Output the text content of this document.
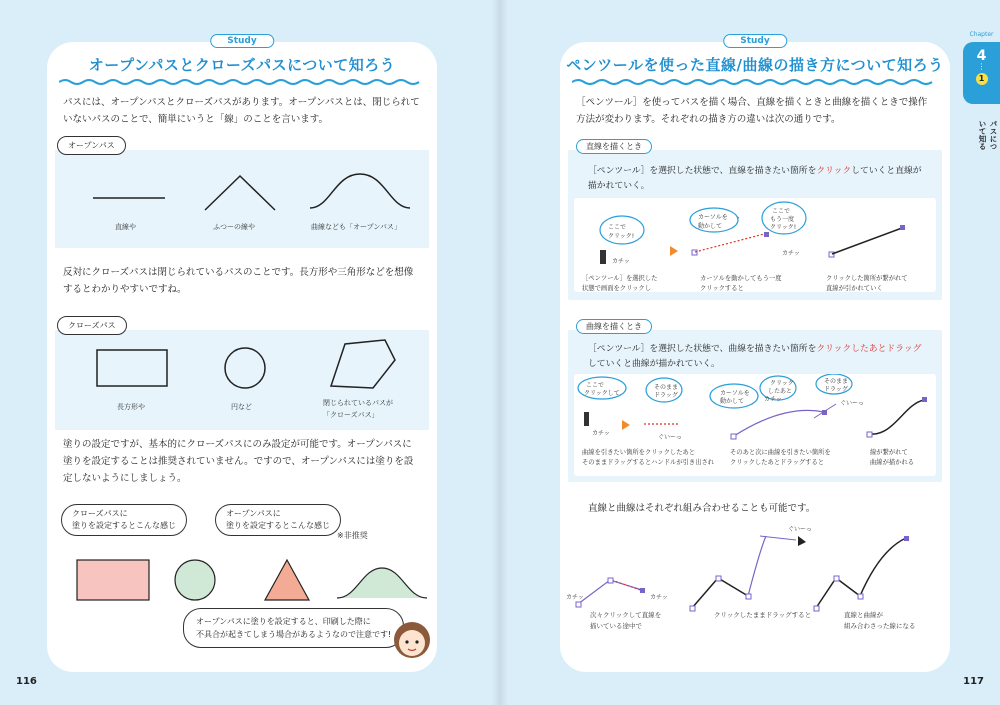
Study
オープンパスとクローズパスについて知ろう
パスには、オープンパスとクローズパスがあります。オープンパスとは、閉じられていないパスのことで、簡単にいうと「線」のことを言います。
直線や	ふつーの線や	曲線なども「オープンパス」
オープンパス
反対にクローズパスは閉じられているパスのことです。長方形や三角形などを想像するとわかりやすいですね。
長方形や	円など	閉じられているパスが
「クローズパス」
クローズパス
塗りの設定ですが、基本的にクローズパスにのみ設定が可能です。オープンパスに塗りを設定することは推奨されていません。ですので、オープンパスには塗りを設定しないようにしましょう。
クローズパスに
塗りを設定するとこんな感じ
オープンパスに
塗りを設定するとこんな感じ
※非推奨
オープンパスに塗りを設定すると、印刷した際に
不具合が起きてしまう場合があるようなので注意です!
116
Study
ペンツールを使った直線/曲線の描き方について知ろう
［ペンツール］を使ってパスを描く場合、直線を描くときと曲線を描くときで操作方法が変わります。それぞれの描き方の違いは次の通りです。
［ペンツール］を選択した状態で、直線を描きたい箇所をクリックしていくと直線が描かれていく。
ここで
クリック!
カーソルを
動かして
ここで
もう一度
クリック!
カチッ
カチッ
［ペンツール］を選択した
状態で画面をクリックし
カーソルを動かしてもう一度
クリックすると
クリックした箇所が繋がれて
直線が引かれていく
直線を描くとき
［ペンツール］を選択した状態で、曲線を描きたい箇所をクリックしたあとドラッグしていくと曲線が描かれていく。
ここで
クリックして
そのまま
ドラッグ	カーソルを
動かして
クリック
したあと
そのまま
ドラッグ
カチッ
カチッ
ぐいーっ
ぐいーっ
曲線を引きたい箇所をクリックしたあと
そのままドラッグするとハンドルが引き出され
そのあと次に曲線を引きたい箇所を
クリックしたあとドラッグすると
線が繋がれて
曲線が描かれる
曲線を描くとき
直線と曲線はそれぞれ組み合わせることも可能です。
カチッ	カチッ
ぐいーっ
次々クリックして直線を
描いている途中で
クリックしたままドラッグすると	直線と曲線が
組み合わさった線になる
117
Chapter
4
⋮
1
パスについて知る
